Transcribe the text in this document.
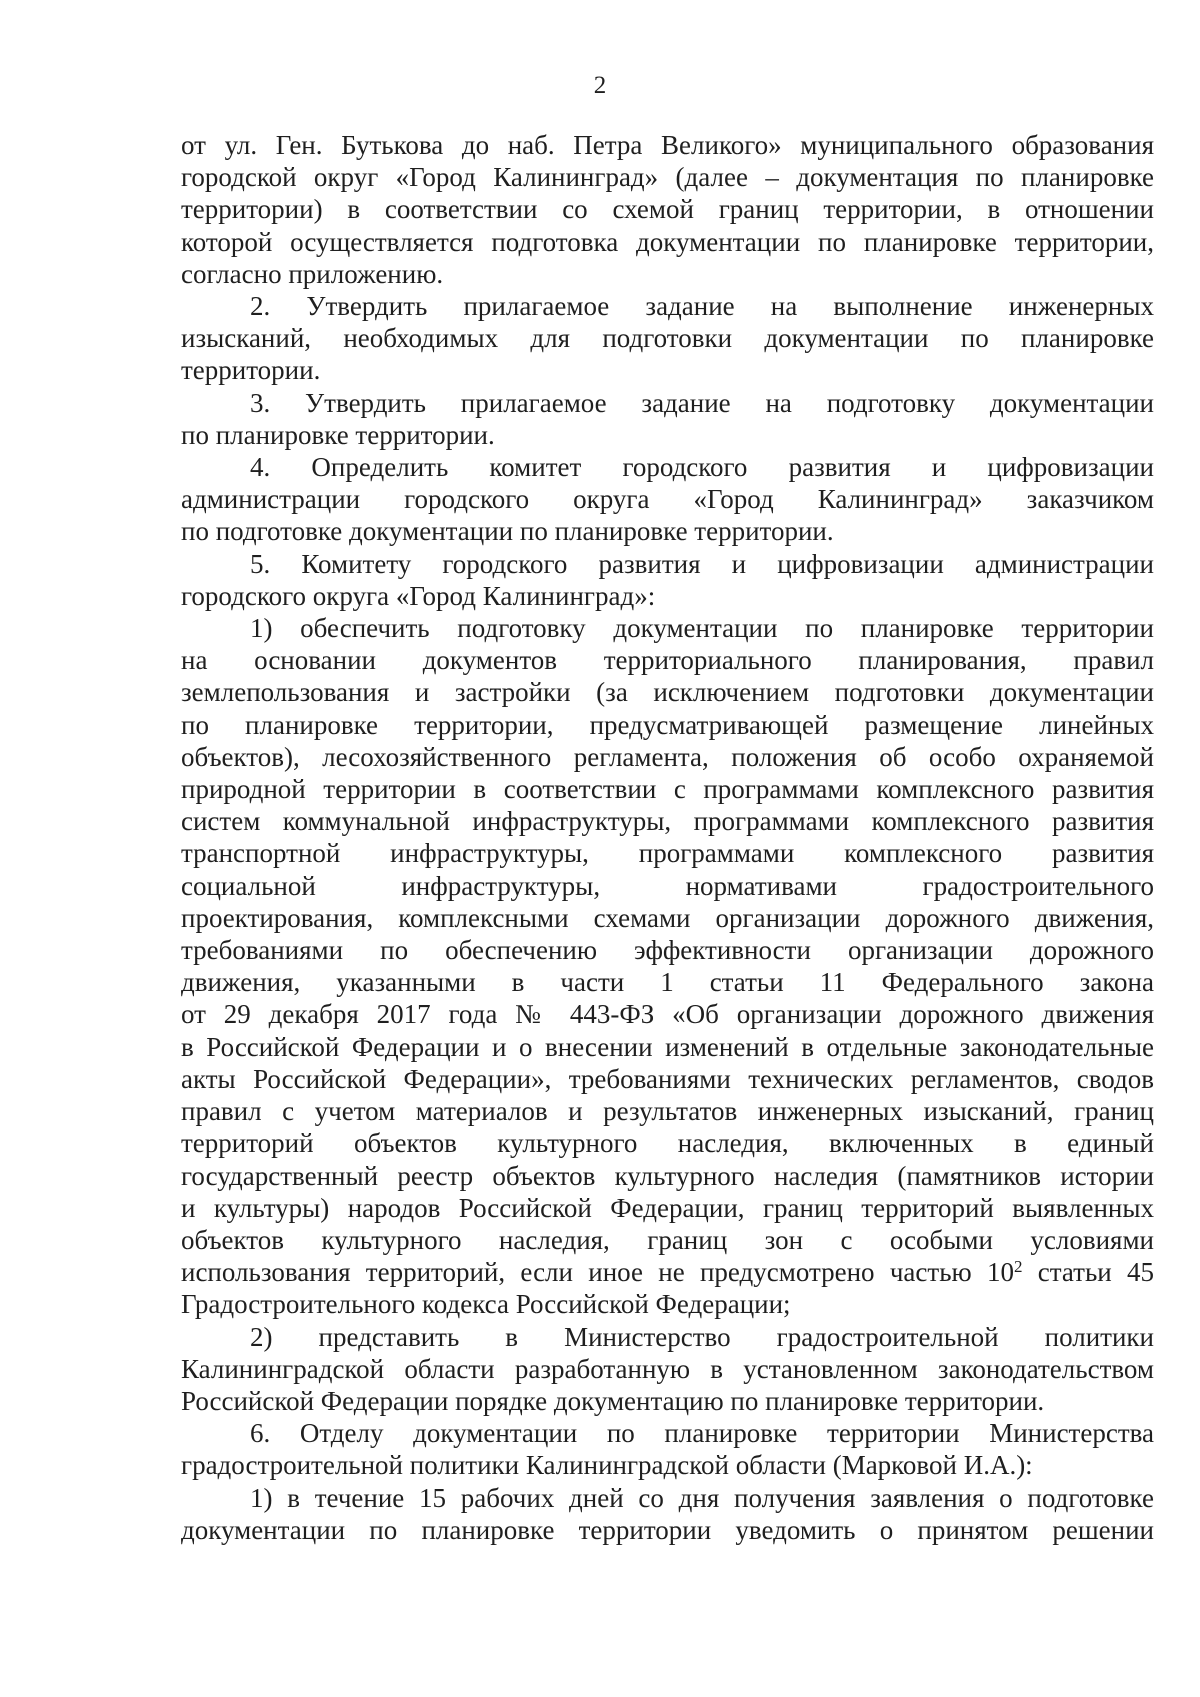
2
от ул. Ген. Бутькова до наб. Петра Великого» муниципального образования
городской округ «Город Калининград» (далее – документация по планировке
территории) в соответствии со схемой границ территории, в отношении
которой осуществляется подготовка документации по планировке территории,
согласно приложению.
2. Утвердить прилагаемое задание на выполнение инженерных
изысканий, необходимых для подготовки документации по планировке
территории.
3. Утвердить прилагаемое задание на подготовку документации
по планировке территории.
4. Определить комитет городского развития и цифровизации
администрации городского округа «Город Калининград» заказчиком
по подготовке документации по планировке территории.
5. Комитету городского развития и цифровизации администрации
городского округа «Город Калининград»:
1) обеспечить подготовку документации по планировке территории
на основании документов территориального планирования, правил
землепользования и застройки (за исключением подготовки документации
по планировке территории, предусматривающей размещение линейных
объектов), лесохозяйственного регламента, положения об особо охраняемой
природной территории в соответствии с программами комплексного развития
систем коммунальной инфраструктуры, программами комплексного развития
транспортной инфраструктуры, программами комплексного развития
социальной инфраструктуры, нормативами градостроительного
проектирования, комплексными схемами организации дорожного движения,
требованиями по обеспечению эффективности организации дорожного
движения, указанными в части 1 статьи 11 Федерального закона
от 29 декабря 2017 года № 443-ФЗ «Об организации дорожного движения
в Российской Федерации и о внесении изменений в отдельные законодательные
акты Российской Федерации», требованиями технических регламентов, сводов
правил с учетом материалов и результатов инженерных изысканий, границ
территорий объектов культурного наследия, включенных в единый
государственный реестр объектов культурного наследия (памятников истории
и культуры) народов Российской Федерации, границ территорий выявленных
объектов культурного наследия, границ зон с особыми условиями
использования территорий, если иное не предусмотрено частью $10^2$ статьи 45
Градостроительного кодекса Российской Федерации;
2) представить в Министерство градостроительной политики
Калининградской области разработанную в установленном законодательством
Российской Федерации порядке документацию по планировке территории.
6. Отделу документации по планировке территории Министерства
градостроительной политики Калининградской области (Марковой И.А.):
1) в течение 15 рабочих дней со дня получения заявления о подготовке
документации по планировке территории уведомить о принятом решении
